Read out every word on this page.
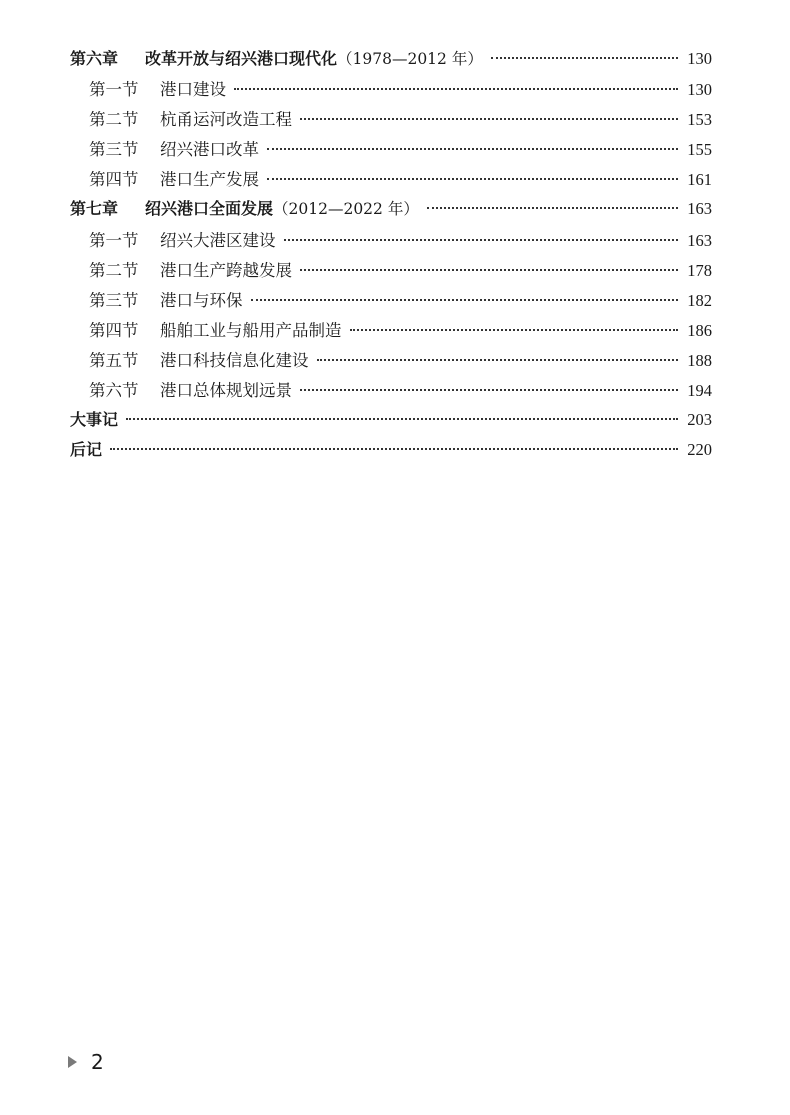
第六章 改革开放与绍兴港口现代化（1978—2012 年）	130
第一节 港口建设	130
第二节 杭甬运河改造工程	153
第三节 绍兴港口改革	155
第四节 港口生产发展	161
第七章 绍兴港口全面发展（2012—2022 年）	163
第一节 绍兴大港区建设	163
第二节 港口生产跨越发展	178
第三节 港口与环保	182
第四节 船舶工业与船用产品制造	186
第五节 港口科技信息化建设	188
第六节 港口总体规划远景	194
大事记	203
后记	220
2
